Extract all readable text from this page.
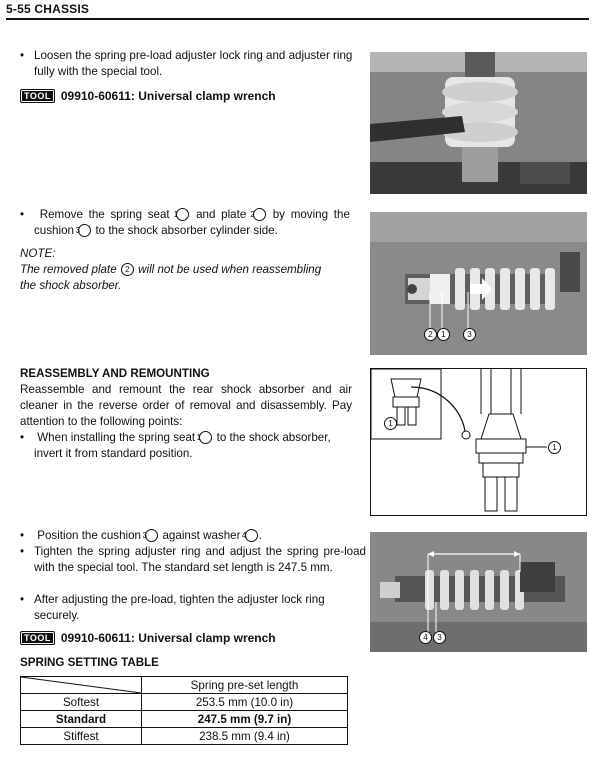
5-55 CHASSIS
• Loosen the spring pre-load adjuster lock ring and adjuster ring fully with the special tool.
TOOL 09910-60611: Universal clamp wrench
• Remove the spring seat 1 and plate 2 by moving the cushion 3 to the shock absorber cylinder side.
NOTE:
The removed plate 2 will not be used when reassembling
the shock absorber.
2	1	3
REASSEMBLY AND REMOUNTING
Reassemble and remount the rear shock absorber and air cleaner in the reverse order of removal and disassembly. Pay attention to the following points:
• When installing the spring seat 1 to the shock absorber, invert it from standard position.
1
1
• Position the cushion 3 against washer 4 .
• Tighten the spring adjuster ring and adjust the spring pre-load with the special tool. The standard set length is 247.5 mm.
• After adjusting the pre-load, tighten the adjuster lock ring securely.
TOOL 09910-60611: Universal clamp wrench	4	3
SPRING SETTING TABLE
	Spring pre-set length
Softest	253.5 mm (10.0 in)
Standard	247.5 mm (9.7 in)
Stiffest	238.5 mm (9.4 in)
